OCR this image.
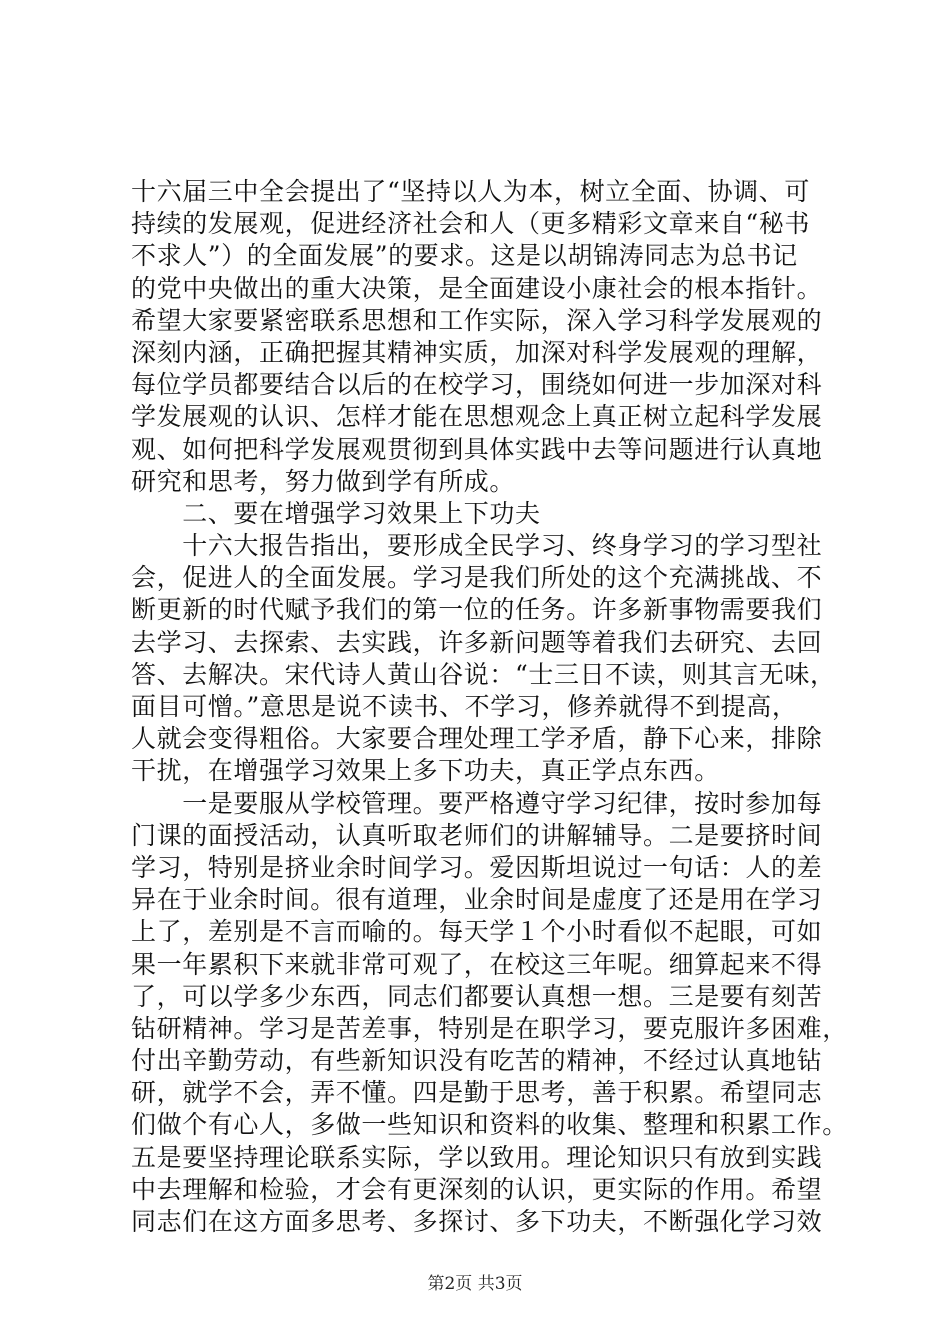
十六届三中全会提出了“坚持以人为本，树立全面、协调、可
持续的发展观，促进经济社会和人（更多精彩文章来自“秘书
不求人”）的全面发展”的要求。这是以胡锦涛同志为总书记
的党中央做出的重大决策，是全面建设小康社会的根本指针。
希望大家要紧密联系思想和工作实际，深入学习科学发展观的
深刻内涵，正确把握其精神实质，加深对科学发展观的理解，
每位学员都要结合以后的在校学习，围绕如何进一步加深对科
学发展观的认识、怎样才能在思想观念上真正树立起科学发展
观、如何把科学发展观贯彻到具体实践中去等问题进行认真地
研究和思考，努力做到学有所成。
　　二、要在增强学习效果上下功夫
　　十六大报告指出，要形成全民学习、终身学习的学习型社
会，促进人的全面发展。学习是我们所处的这个充满挑战、不
断更新的时代赋予我们的第一位的任务。许多新事物需要我们
去学习、去探索、去实践，许多新问题等着我们去研究、去回
答、去解决。宋代诗人黄山谷说：“士三日不读，则其言无味，
面目可憎。”意思是说不读书、不学习，修养就得不到提高，
人就会变得粗俗。大家要合理处理工学矛盾，静下心来，排除
干扰，在增强学习效果上多下功夫，真正学点东西。
　　一是要服从学校管理。要严格遵守学习纪律，按时参加每
门课的面授活动，认真听取老师们的讲解辅导。二是要挤时间
学习，特别是挤业余时间学习。爱因斯坦说过一句话：人的差
异在于业余时间。很有道理，业余时间是虚度了还是用在学习
上了，差别是不言而喻的。每天学１个小时看似不起眼，可如
果一年累积下来就非常可观了，在校这三年呢。细算起来不得
了，可以学多少东西，同志们都要认真想一想。三是要有刻苦
钻研精神。学习是苦差事，特别是在职学习，要克服许多困难，
付出辛勤劳动，有些新知识没有吃苦的精神，不经过认真地钻
研，就学不会，弄不懂。四是勤于思考，善于积累。希望同志
们做个有心人，多做一些知识和资料的收集、整理和积累工作。
五是要坚持理论联系实际，学以致用。理论知识只有放到实践
中去理解和检验，才会有更深刻的认识，更实际的作用。希望
同志们在这方面多思考、多探讨、多下功夫，不断强化学习效
第2页 共3页
